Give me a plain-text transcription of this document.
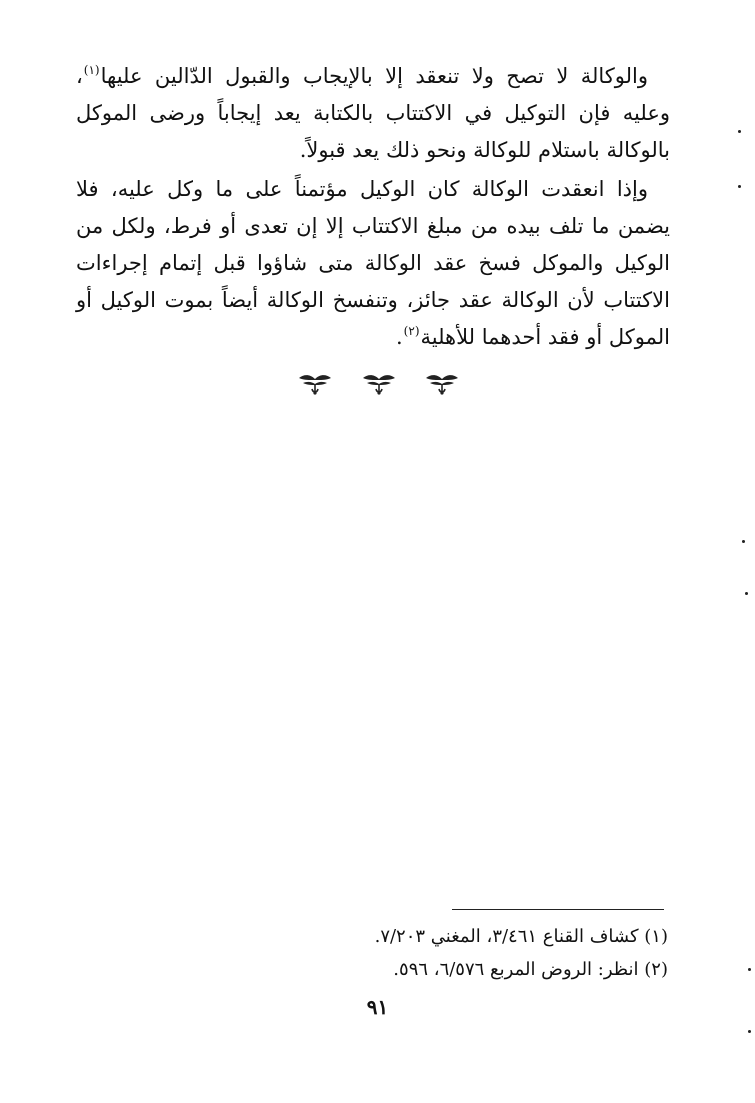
والوكالة لا تصح ولا تنعقد إلا بالإيجاب والقبول الدّالين عليها$^{(١)}$، وعليه فإن التوكيل في الاكتتاب بالكتابة يعد إيجاباً ورضى الموكل بالوكالة باستلام للوكالة ونحو ذلك يعد قبولاً.

وإذا انعقدت الوكالة كان الوكيل مؤتمناً على ما وكل عليه، فلا يضمن ما تلف بيده من مبلغ الاكتتاب إلا إن تعدى أو فرط، ولكل من الوكيل والموكل فسخ عقد الوكالة متى شاؤوا قبل إتمام إجراءات الاكتتاب لأن الوكالة عقد جائز، وتنفسخ الوكالة أيضاً بموت الوكيل أو الموكل أو فقد أحدهما للأهلية$^{(٢)}$.

(١) كشاف القناع ٣/٤٦١، المغني ٧/٢٠٣.

(٢) انظر: الروض المربع ٦/٥٧٦، ٥٩٦.

٩١
